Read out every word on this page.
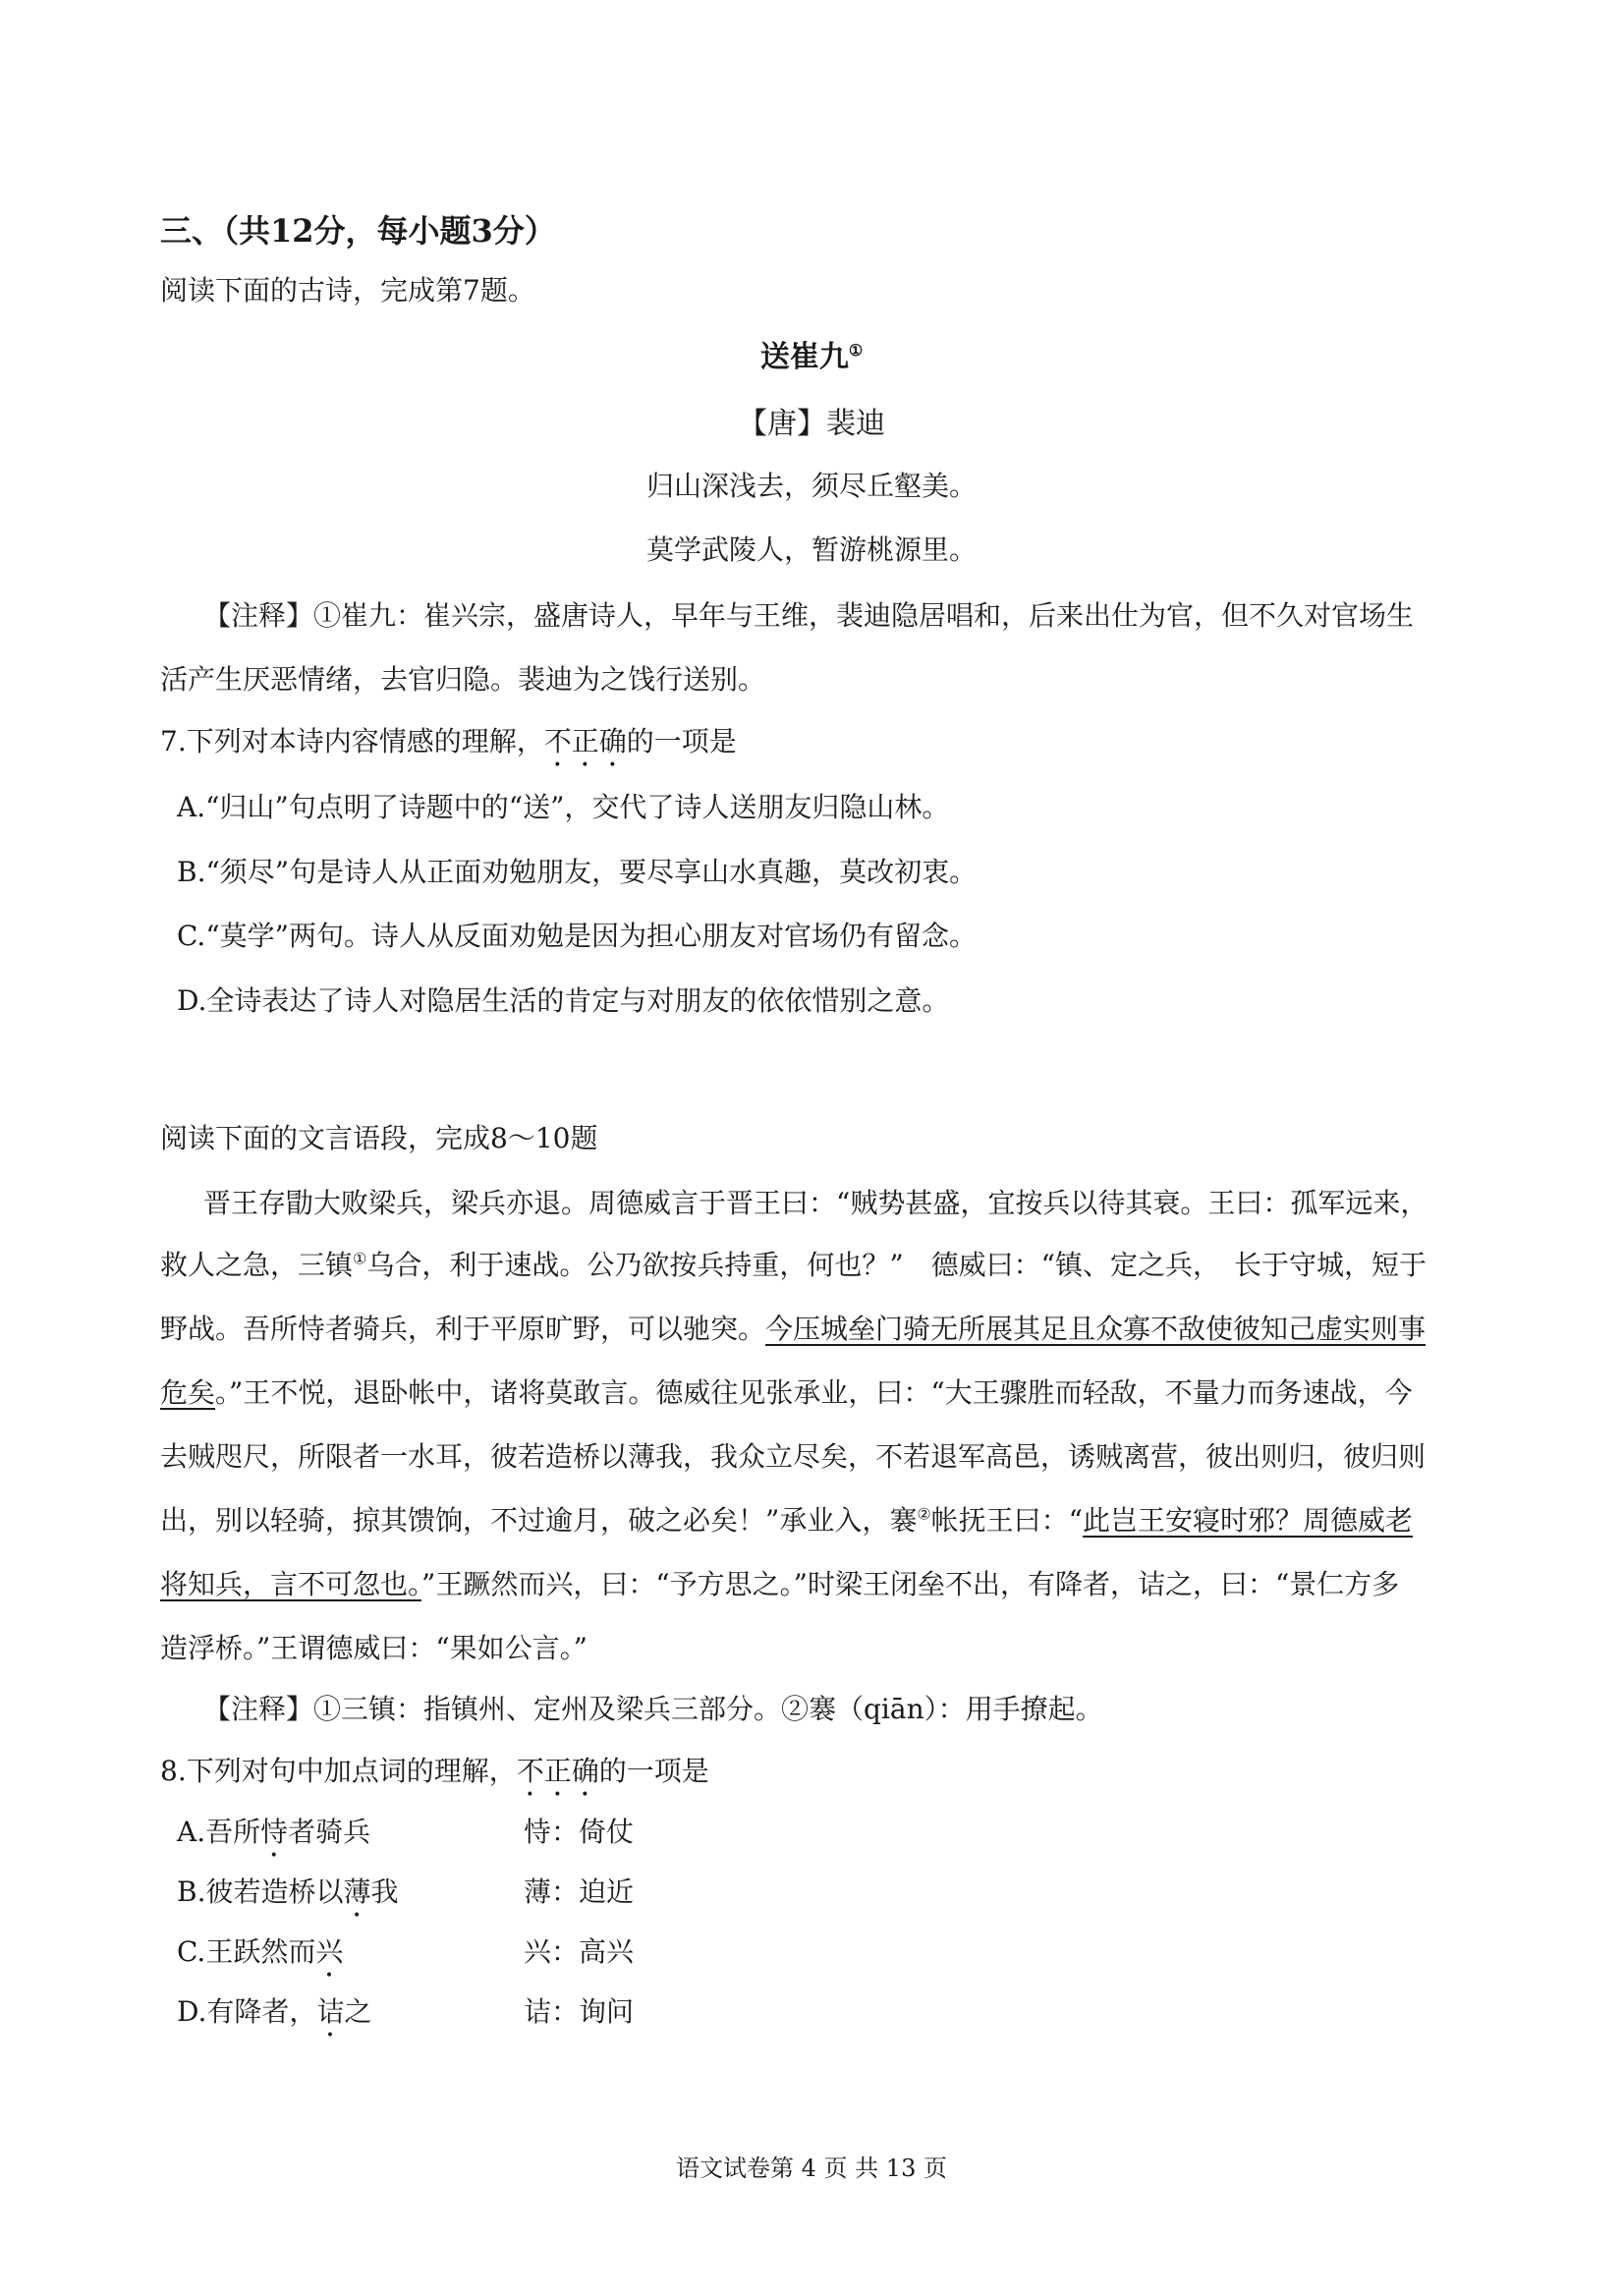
三、（共12分，每小题3分）
阅读下面的古诗，完成第7题。
送崔九①
【唐】裴迪
归山深浅去，须尽丘壑美。
莫学武陵人，暂游桃源里。
【注释】①崔九：崔兴宗，盛唐诗人，早年与王维，裴迪隐居唱和，后来出仕为官，但不久对官场生
活产生厌恶情绪，去官归隐。裴迪为之饯行送别。
7.下列对本诗内容情感的理解，不正确的一项是
A.“归山”句点明了诗题中的“送”，交代了诗人送朋友归隐山林。
B.“须尽”句是诗人从正面劝勉朋友，要尽享山水真趣，莫改初衷。
C.“莫学”两句。诗人从反面劝勉是因为担心朋友对官场仍有留念。
D.全诗表达了诗人对隐居生活的肯定与对朋友的依依惜别之意。
阅读下面的文言语段，完成8～10题
晋王存勖大败梁兵，梁兵亦退。周德威言于晋王曰：“贼势甚盛，宜按兵以待其衰。王曰：孤军远来，
救人之急，三镇①乌合，利于速战。公乃欲按兵持重，何也？”　德威曰：“镇、定之兵，　长于守城，短于
野战。吾所恃者骑兵，利于平原旷野，可以驰突。今压城垒门骑无所展其足且众寡不敌使彼知己虚实则事
危矣。”王不悦，退卧帐中，诸将莫敢言。德威往见张承业，曰：“大王骤胜而轻敌，不量力而务速战，今
去贼咫尺，所限者一水耳，彼若造桥以薄我，我众立尽矣，不若退军高邑，诱贼离营，彼出则归，彼归则
出，别以轻骑，掠其馈饷，不过逾月，破之必矣！”承业入，褰②帐抚王曰：“此岂王安寝时邪？周德威老
将知兵，言不可忽也。”王蹶然而兴，曰：“予方思之。”时梁王闭垒不出，有降者，诘之，曰：“景仁方多
造浮桥。”王谓德威曰：“果如公言。”
【注释】①三镇：指镇州、定州及梁兵三部分。②褰（qiān）：用手撩起。
8.下列对句中加点词的理解，不正确的一项是
A.吾所恃者骑兵	恃：倚仗
B.彼若造桥以薄我	薄：迫近
C.王跃然而兴	兴：高兴
D.有降者，诘之	诘：询问
语文试卷第 4 页 共 13 页
